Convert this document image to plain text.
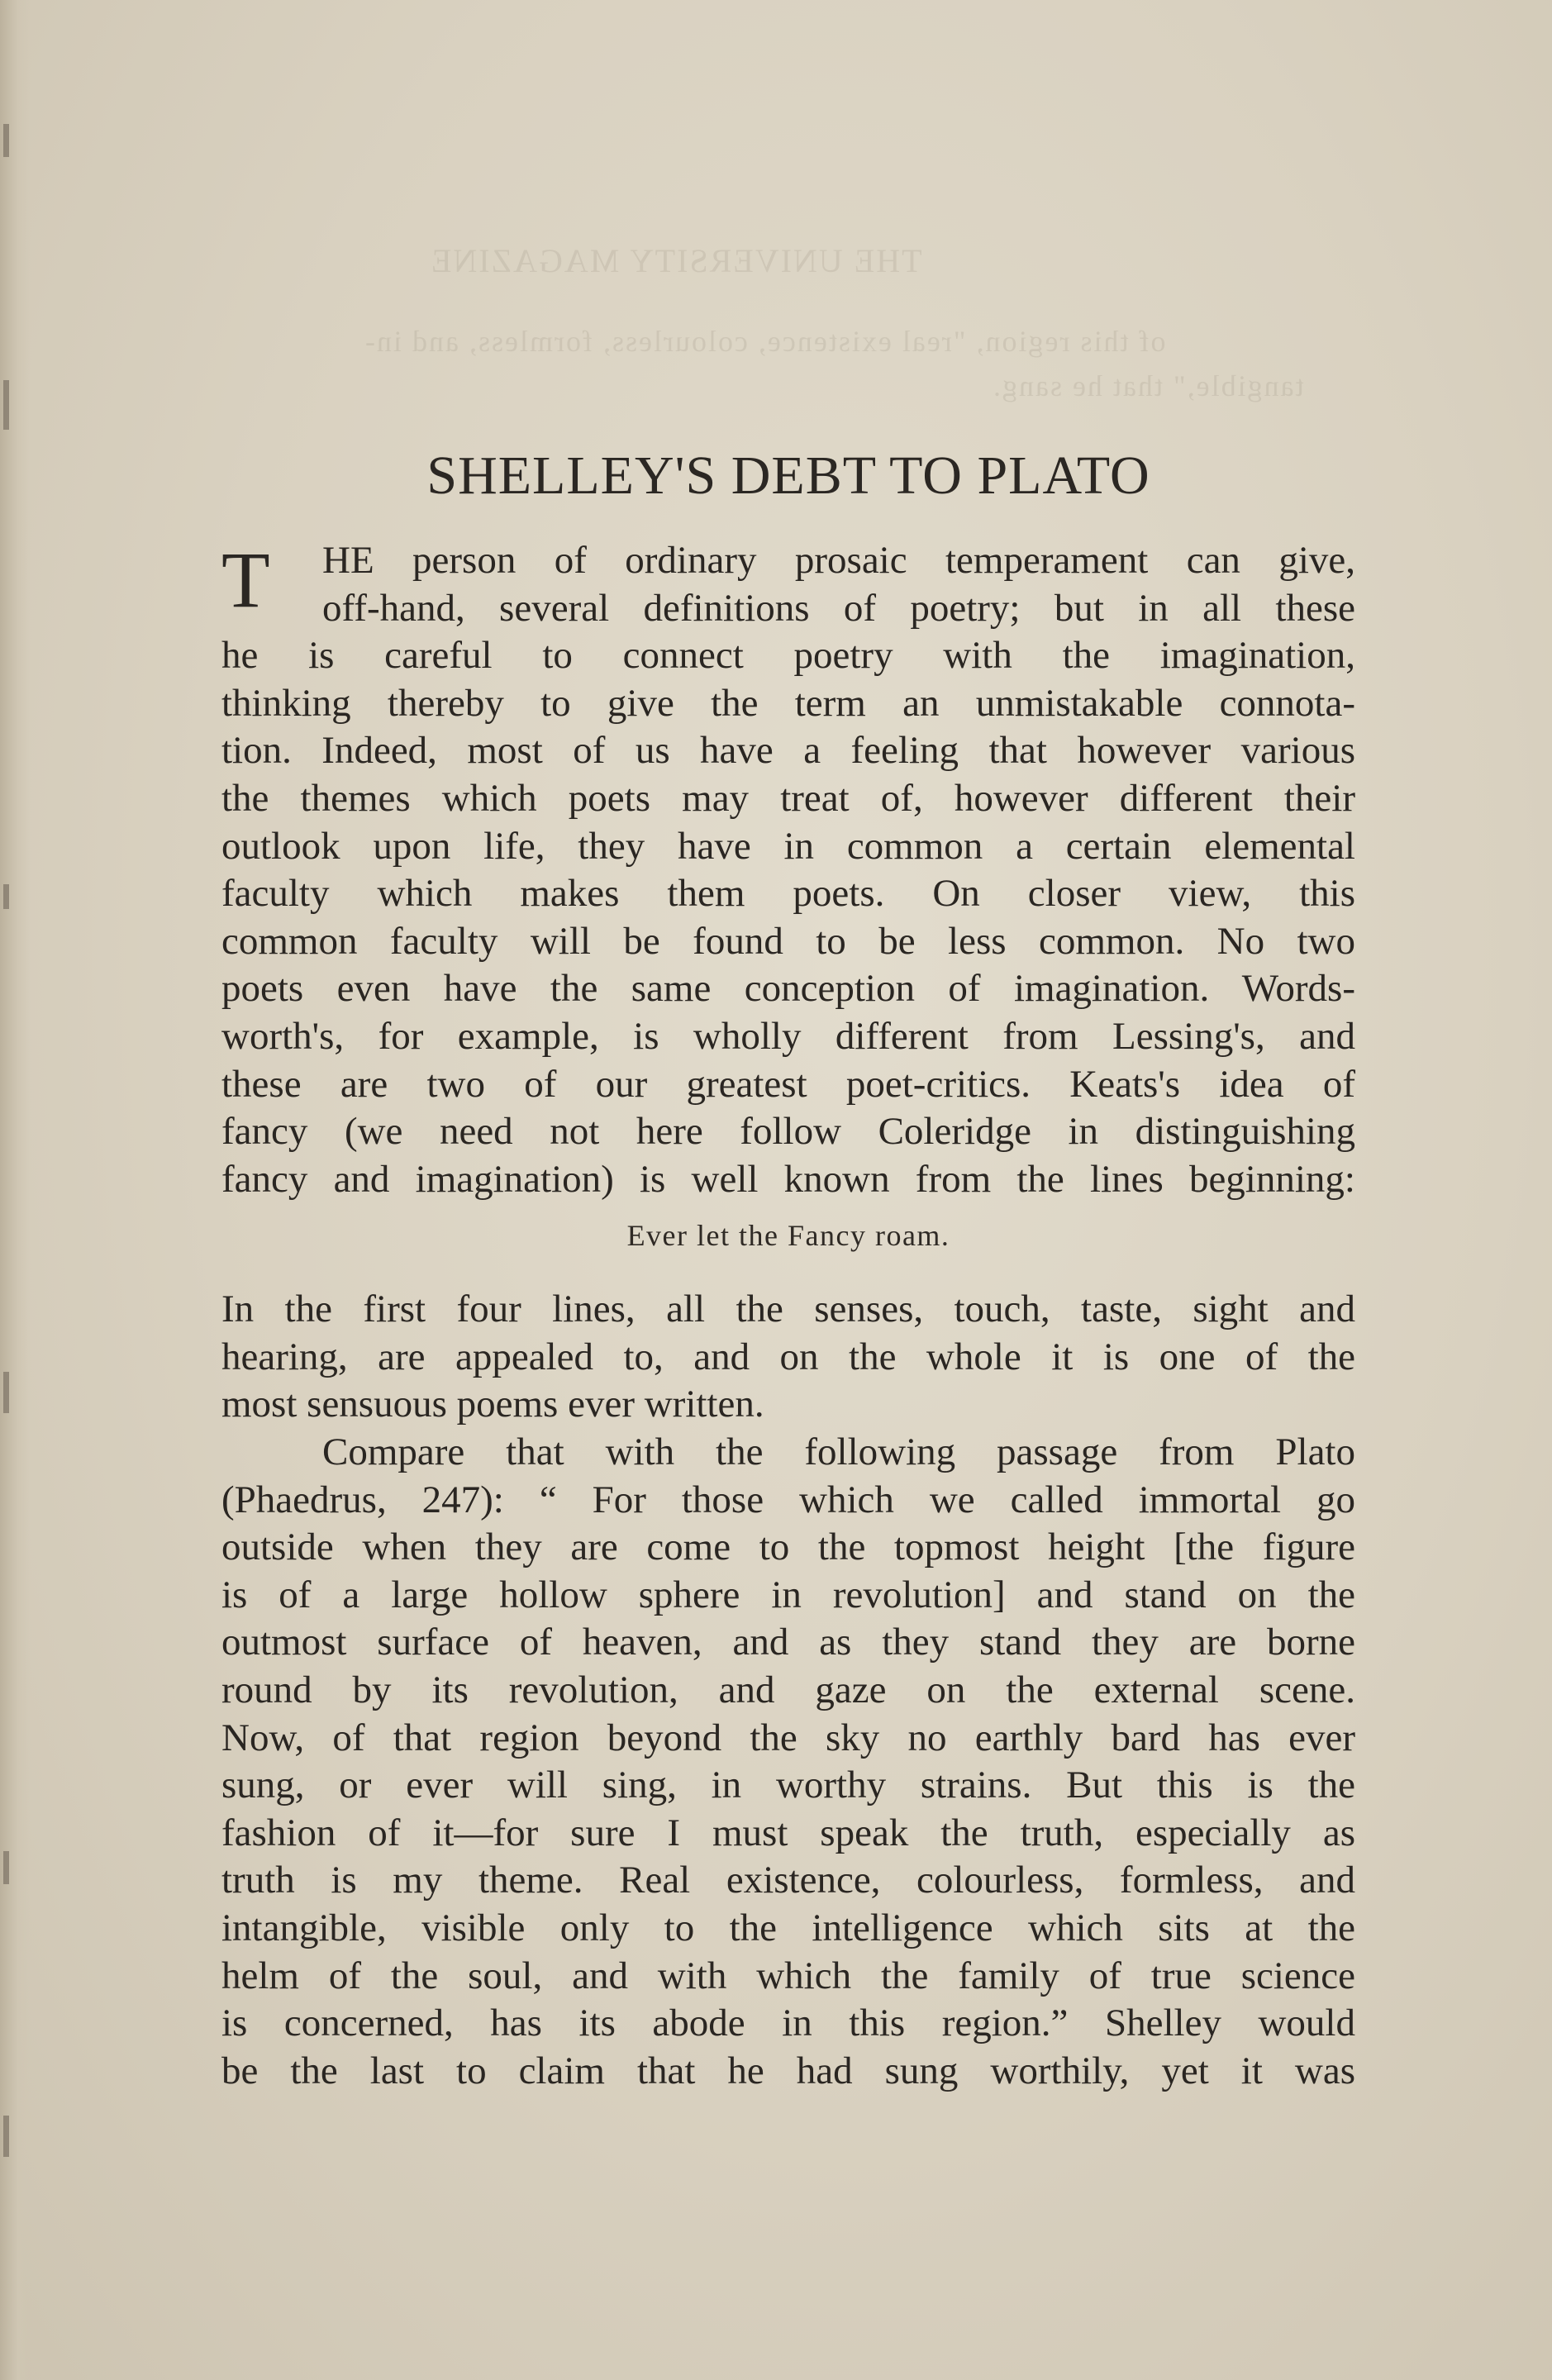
THE UNIVERSITY MAGAZINE
of this region, "real existence, colourless, formless, and in-
tangible," that he sang.
SHELLEY'S DEBT TO PLATO
T	HE person of ordinary prosaic temperament can give,
off-hand, several definitions of poetry; but in all these
he is careful to connect poetry with the imagination,
thinking thereby to give the term an unmistakable connota-
tion. Indeed, most of us have a feeling that however various
the themes which poets may treat of, however different their
outlook upon life, they have in common a certain elemental
faculty which makes them poets. On closer view, this
common faculty will be found to be less common. No two
poets even have the same conception of imagination. Words-
worth's, for example, is wholly different from Lessing's, and
these are two of our greatest poet-critics. Keats's idea of
fancy (we need not here follow Coleridge in distinguishing
fancy and imagination) is well known from the lines beginning:
Ever let the Fancy roam.
In the first four lines, all the senses, touch, taste, sight and
hearing, are appealed to, and on the whole it is one of the
most sensuous poems ever written.
Compare that with the following passage from Plato
(Phaedrus, 247): “ For those which we called immortal go
outside when they are come to the topmost height [the figure
is of a large hollow sphere in revolution] and stand on the
outmost surface of heaven, and as they stand they are borne
round by its revolution, and gaze on the external scene.
Now, of that region beyond the sky no earthly bard has ever
sung, or ever will sing, in worthy strains. But this is the
fashion of it—for sure I must speak the truth, especially as
truth is my theme. Real existence, colourless, formless, and
intangible, visible only to the intelligence which sits at the
helm of the soul, and with which the family of true science
is concerned, has its abode in this region.” Shelley would
be the last to claim that he had sung worthily, yet it was
